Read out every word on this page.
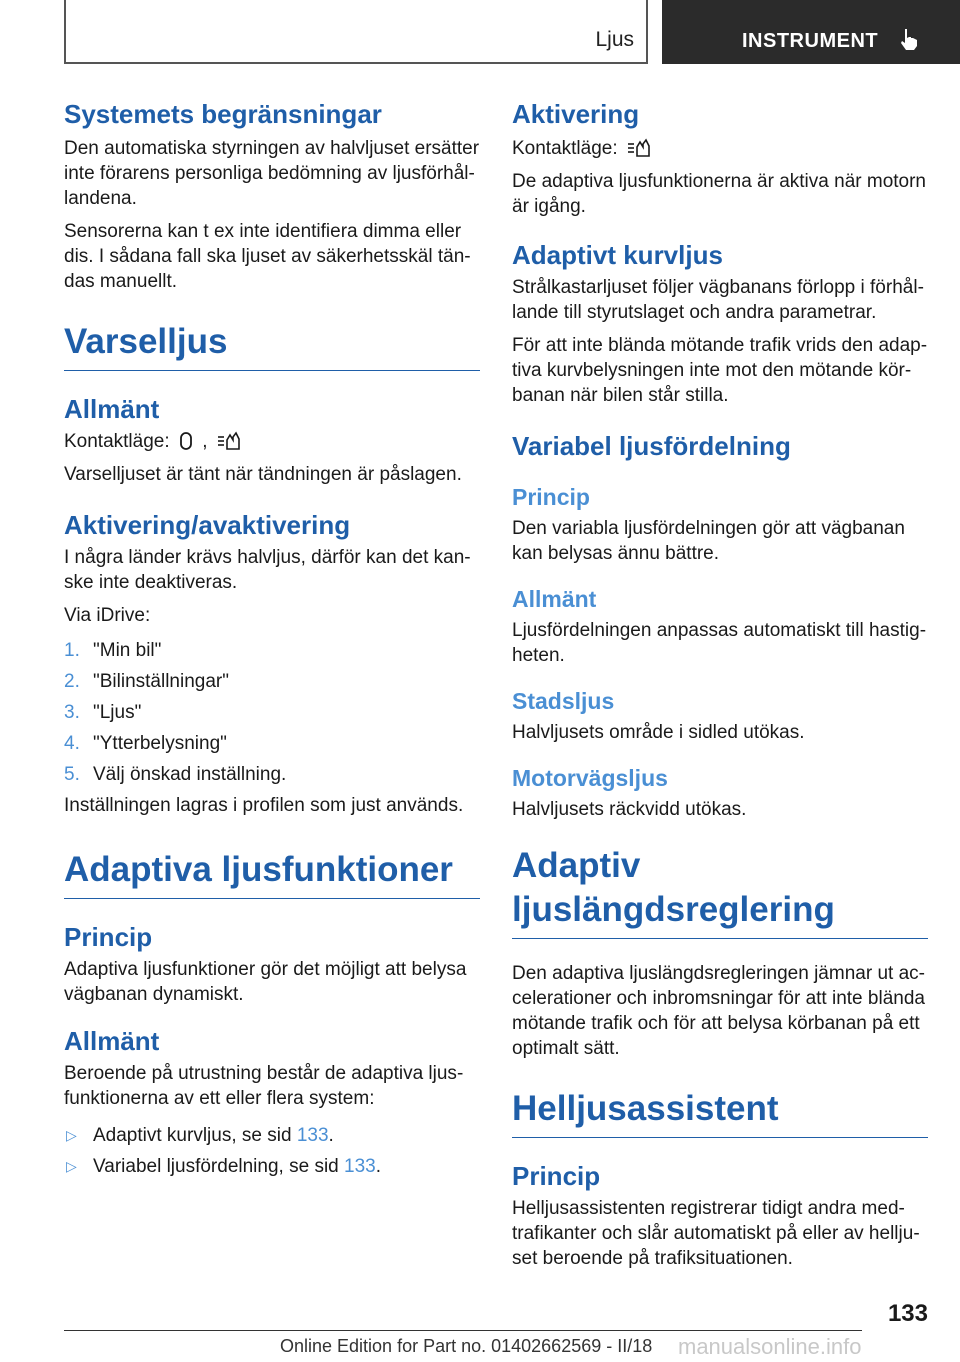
Ljus	INSTRUMENT
Systemets begränsningar

Den automatiska styrningen av halvljuset ersätter inte förarens personliga bedömning av ljusförhållandena.

Sensorerna kan t ex inte identifiera dimma eller dis. I sådana fall ska ljuset av säkerhetsskäl tändas manuellt.

Varselljus
Allmänt

Kontaktläge: ,

Varselljuset är tänt när tändningen är påslagen.

Aktivering/avaktivering

I några länder krävs halvljus, därför kan det kanske inte deaktiveras.

Via iDrive:

1. "Min bil"
2. "Bilinställningar"
3. "Ljus"
4. "Ytterbelysning"
5. Välj önskad inställning.

Inställningen lagras i profilen som just används.

Adaptiva ljusfunktioner
Princip

Adaptiva ljusfunktioner gör det möjligt att belysa vägbanan dynamiskt.

Allmänt

Beroende på utrustning består de adaptiva ljusfunktionerna av ett eller flera system:

▷ Adaptivt kurvljus, se sid 133.
▷ Variabel ljusfördelning, se sid 133.
Aktivering

Kontaktläge:

De adaptiva ljusfunktionerna är aktiva när motorn är igång.

Adaptivt kurvljus

Strålkastarljuset följer vägbanans förlopp i förhållande till styrutslaget och andra parametrar.

För att inte blända mötande trafik vrids den adaptiva kurvbelysningen inte mot den mötande körbanan när bilen står stilla.

Variabel ljusfördelning
Princip

Den variabla ljusfördelningen gör att vägbanan kan belysas ännu bättre.

Allmänt

Ljusfördelningen anpassas automatiskt till hastigheten.

Stadsljus

Halvljusets område i sidled utökas.

Motorvägsljus

Halvljusets räckvidd utökas.

Adaptiv ljuslängdsreglering

Den adaptiva ljuslängdsregleringen jämnar ut accelerationer och inbromsningar för att inte blända mötande trafik och för att belysa körbanan på ett optimalt sätt.

Helljusassistent
Princip

Helljusassistenten registrerar tidigt andra medtrafikanter och slår automatiskt på eller av helljuset beroende på trafiksituationen.

133
Online Edition for Part no. 01402662569 - II/18 manualsonline.info
